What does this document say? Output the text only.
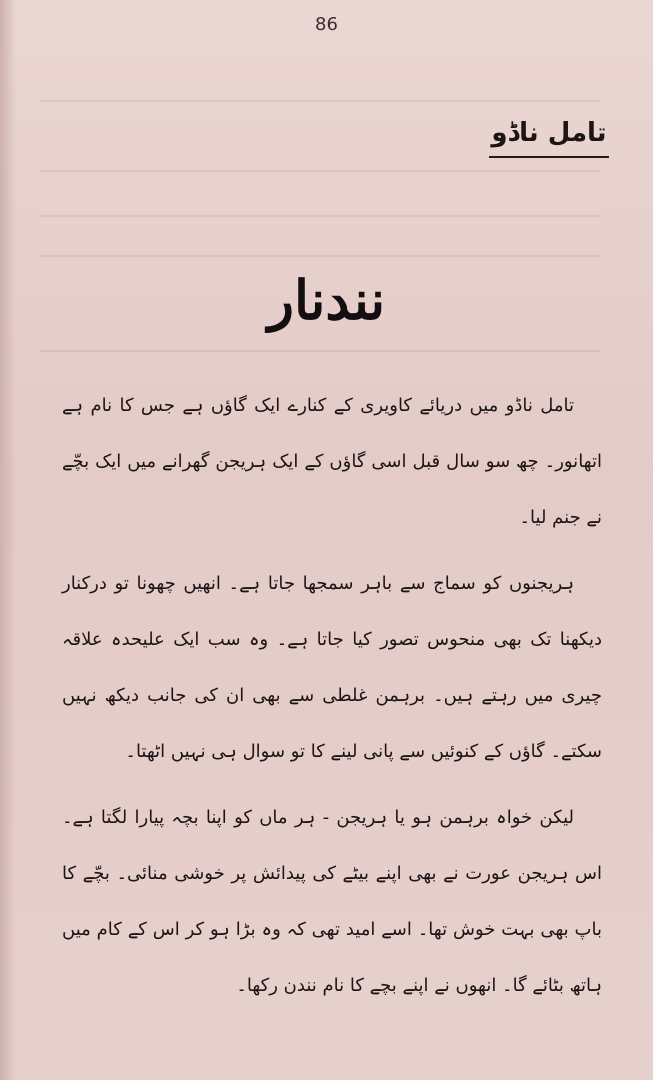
86
تامل ناڈو
نندنار

تامل ناڈو میں دریائے کاویری کے کنارے ایک گاؤں ہے جس کا نام ہے اتھانور۔ چھ سو سال قبل اسی گاؤں کے ایک ہریجن گھرانے میں ایک بچّے نے جنم لیا۔

ہریجنوں کو سماج سے باہر سمجھا جاتا ہے۔ انھیں چھونا تو درکنار دیکھنا تک بھی منحوس تصور کیا جاتا ہے۔ وہ سب ایک علیحدہ علاقہ چیری میں رہتے ہیں۔ برہمن غلطی سے بھی ان کی جانب دیکھ نہیں سکتے۔ گاؤں کے کنوئیں سے پانی لینے کا تو سوال ہی نہیں اٹھتا۔

لیکن خواہ برہمن ہو یا ہریجن - ہر ماں کو اپنا بچہ پیارا لگتا ہے۔ اس ہریجن عورت نے بھی اپنے بیٹے کی پیدائش پر خوشی منائی۔ بچّے کا باپ بھی بہت خوش تھا۔ اسے امید تھی کہ وہ بڑا ہو کر اس کے کام میں ہاتھ بٹائے گا۔ انھوں نے اپنے بچے کا نام نندن رکھا۔
